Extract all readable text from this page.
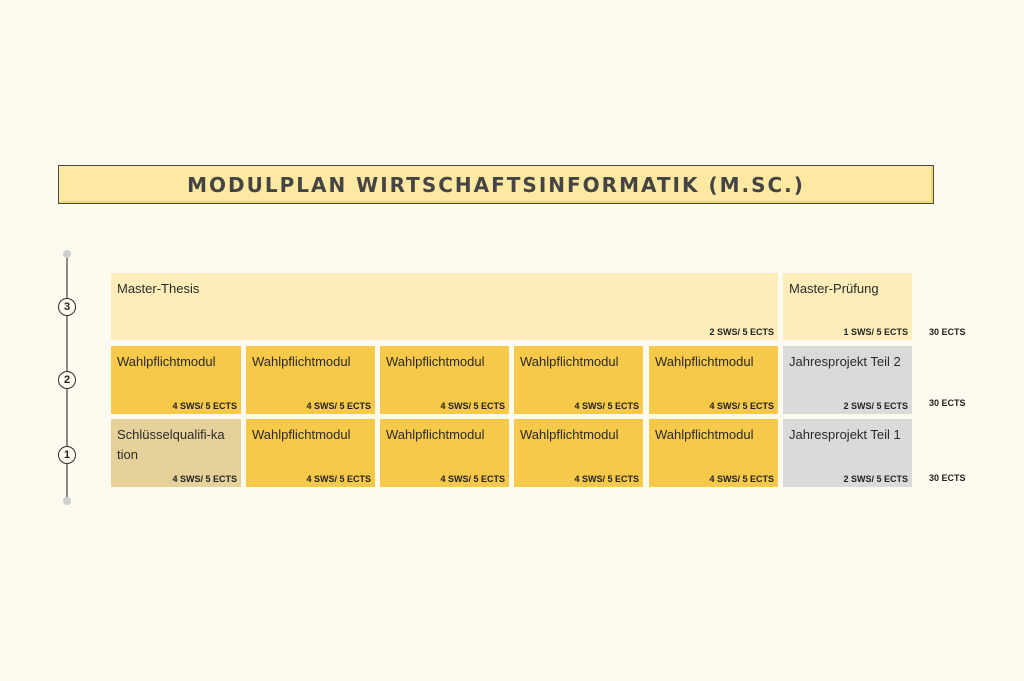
MODULPLAN WIRTSCHAFTSINFORMATIK (M.SC.)
3
2
1
Master-Thesis
2 SWS/ 5 ECTS
Master-Prüfung
1 SWS/ 5 ECTS 30 ECTS
Wahlpflichtmodul
4 SWS/ 5 ECTS
Wahlpflichtmodul
4 SWS/ 5 ECTS
Wahlpflichtmodul
4 SWS/ 5 ECTS
Wahlpflichtmodul
4 SWS/ 5 ECTS
Wahlpflichtmodul
4 SWS/ 5 ECTS
Jahresprojekt Teil 2
2 SWS/ 5 ECTS 30 ECTS
Schlüsselqualifi-kation
4 SWS/ 5 ECTS
Wahlpflichtmodul
4 SWS/ 5 ECTS
Wahlpflichtmodul
4 SWS/ 5 ECTS
Wahlpflichtmodul
4 SWS/ 5 ECTS
Wahlpflichtmodul
4 SWS/ 5 ECTS
Jahresprojekt Teil 1
2 SWS/ 5 ECTS 30 ECTS
